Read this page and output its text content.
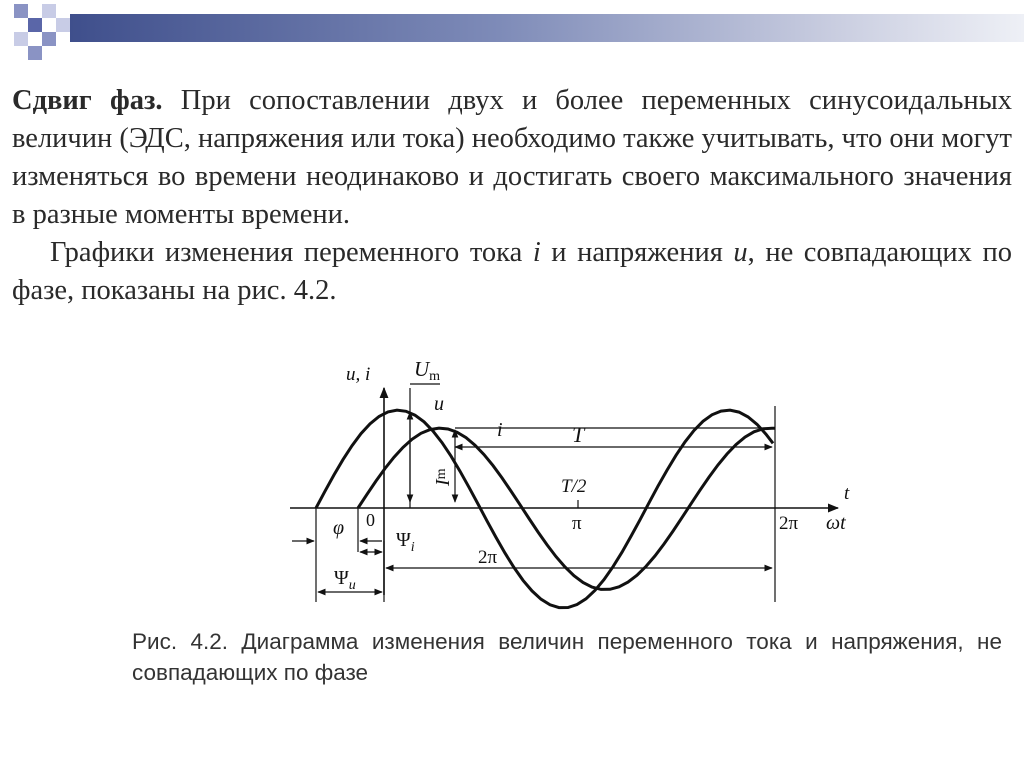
Сдвиг фаз. При сопоставлении двух и более переменных синусоидальных величин (ЭДС, напряжения или тока) необходимо также учитывать, что они могут изменяться во времени неодинаково и достигать своего максимального значения в разные моменты времени.

Графики изменения переменного тока i и напряжения u, не совпадающих по фазе, показаны на рис. 4.2.

u, i Um
u
i
$I^m$
T
T/2
π	2π ωt
t
0
φ
$\Psi_i$	2π
$\Psi_u$
Рис. 4.2. Диаграмма изменения величин переменного тока и напряжения, не совпадающих по фазе
